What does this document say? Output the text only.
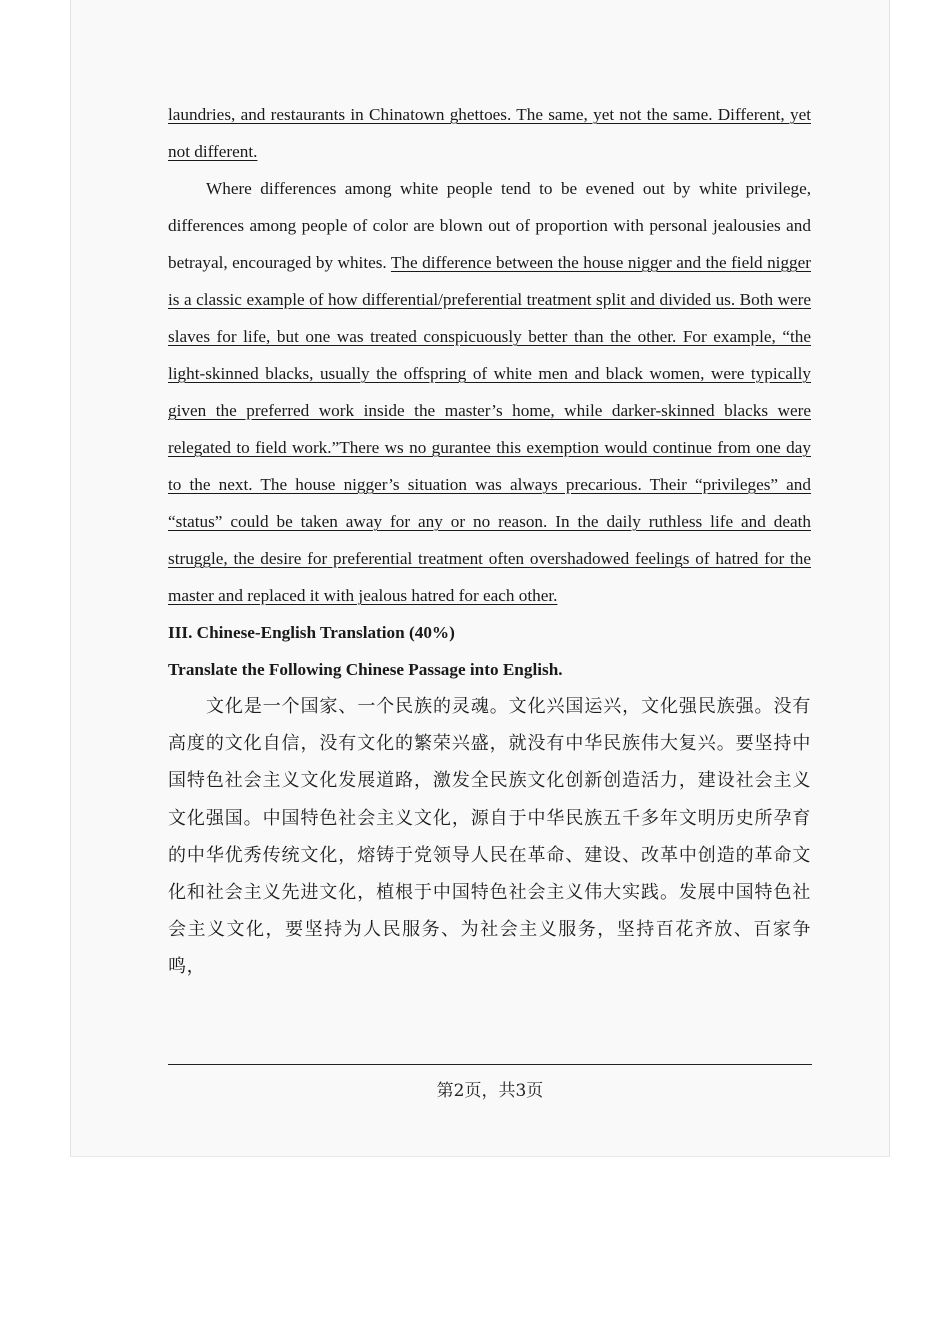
laundries, and restaurants in Chinatown ghettoes. The same, yet not the same. Different, yet not different.

Where differences among white people tend to be evened out by white privilege, differences among people of color are blown out of proportion with personal jealousies and betrayal, encouraged by whites. The difference between the house nigger and the field nigger is a classic example of how differential/preferential treatment split and divided us. Both were slaves for life, but one was treated conspicuously better than the other. For example, “the light-skinned blacks, usually the offspring of white men and black women, were typically given the preferred work inside the master’s home, while darker-skinned blacks were relegated to field work.”There ws no gurantee this exemption would continue from one day to the next. The house nigger’s situation was always precarious. Their “privileges” and “status” could be taken away for any or no reason. In the daily ruthless life and death struggle, the desire for preferential treatment often overshadowed feelings of hatred for the master and replaced it with jealous hatred for each other.

III. Chinese-English Translation (40%)

Translate the Following Chinese Passage into English.

文化是一个国家、一个民族的灵魂。文化兴国运兴，文化强民族强。没有高度的文化自信，没有文化的繁荣兴盛，就没有中华民族伟大复兴。要坚持中国特色社会主义文化发展道路，激发全民族文化创新创造活力，建设社会主义文化强国。中国特色社会主义文化，源自于中华民族五千多年文明历史所孕育的中华优秀传统文化，熔铸于党领导人民在革命、建设、改革中创造的革命文化和社会主义先进文化，植根于中国特色社会主义伟大实践。发展中国特色社会主义文化，要坚持为人民服务、为社会主义服务，坚持百花齐放、百家争鸣，

第2页，共3页
